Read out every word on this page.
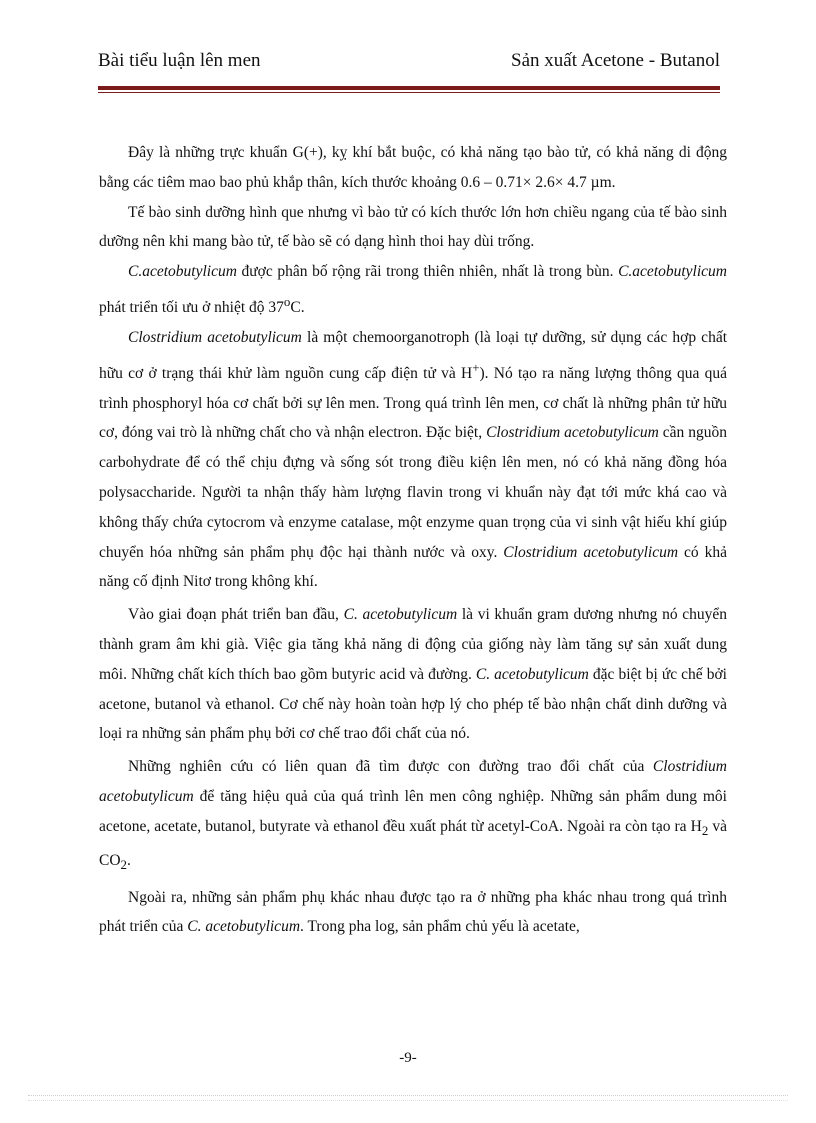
Bài tiểu luận lên men	Sản xuất Acetone - Butanol

Đây là những trực khuẩn G(+), kỵ khí bắt buộc, có khả năng tạo bào tử, có khả năng di động bằng các tiêm mao bao phủ khắp thân, kích thước khoảng 0.6 – 0.71× 2.6× 4.7 µm.

Tế bào sinh dưỡng hình que nhưng vì bào tử có kích thước lớn hơn chiều ngang của tế bào sinh dưỡng nên khi mang bào tử, tế bào sẽ có dạng hình thoi hay dùi trống.

C.acetobutylicum được phân bố rộng rãi trong thiên nhiên, nhất là trong bùn. C.acetobutylicum phát triển tối ưu ở nhiệt độ 37$^o$C.

Clostridium acetobutylicum là một chemoorganotroph (là loại tự dưỡng, sử dụng các hợp chất hữu cơ ở trạng thái khử làm nguồn cung cấp điện tử và H+). Nó tạo ra năng lượng thông qua quá trình phosphoryl hóa cơ chất bởi sự lên men. Trong quá trình lên men, cơ chất là những phân tử hữu cơ, đóng vai trò là những chất cho và nhận electron. Đặc biệt, Clostridium acetobutylicum cần nguồn carbohydrate để có thể chịu đựng và sống sót trong điều kiện lên men, nó có khả năng đồng hóa polysaccharide. Người ta nhận thấy hàm lượng flavin trong vi khuẩn này đạt tới mức khá cao và không thấy chứa cytocrom và enzyme catalase, một enzyme quan trọng của vi sinh vật hiếu khí giúp chuyển hóa những sản phẩm phụ độc hại thành nước và oxy. Clostridium acetobutylicum có khả năng cố định Nitơ trong không khí.

Vào giai đoạn phát triển ban đầu, C. acetobutylicum là vi khuẩn gram dương nhưng nó chuyển thành gram âm khi già. Việc gia tăng khả năng di động của giống này làm tăng sự sản xuất dung môi. Những chất kích thích bao gồm butyric acid và đường. C. acetobutylicum đặc biệt bị ức chế bởi acetone, butanol và ethanol. Cơ chế này hoàn toàn hợp lý cho phép tế bào nhận chất dinh dưỡng và loại ra những sản phẩm phụ bởi cơ chế trao đổi chất của nó.

Những nghiên cứu có liên quan đã tìm được con đường trao đổi chất của Clostridium acetobutylicum để tăng hiệu quả của quá trình lên men công nghiệp. Những sản phẩm dung môi acetone, acetate, butanol, butyrate và ethanol đều xuất phát từ acetyl-CoA. Ngoài ra còn tạo ra $H_2$ và $CO_2$.

Ngoài ra, những sản phẩm phụ khác nhau được tạo ra ở những pha khác nhau trong quá trình phát triển của C. acetobutylicum. Trong pha log, sản phẩm chủ yếu là acetate,

-9-
